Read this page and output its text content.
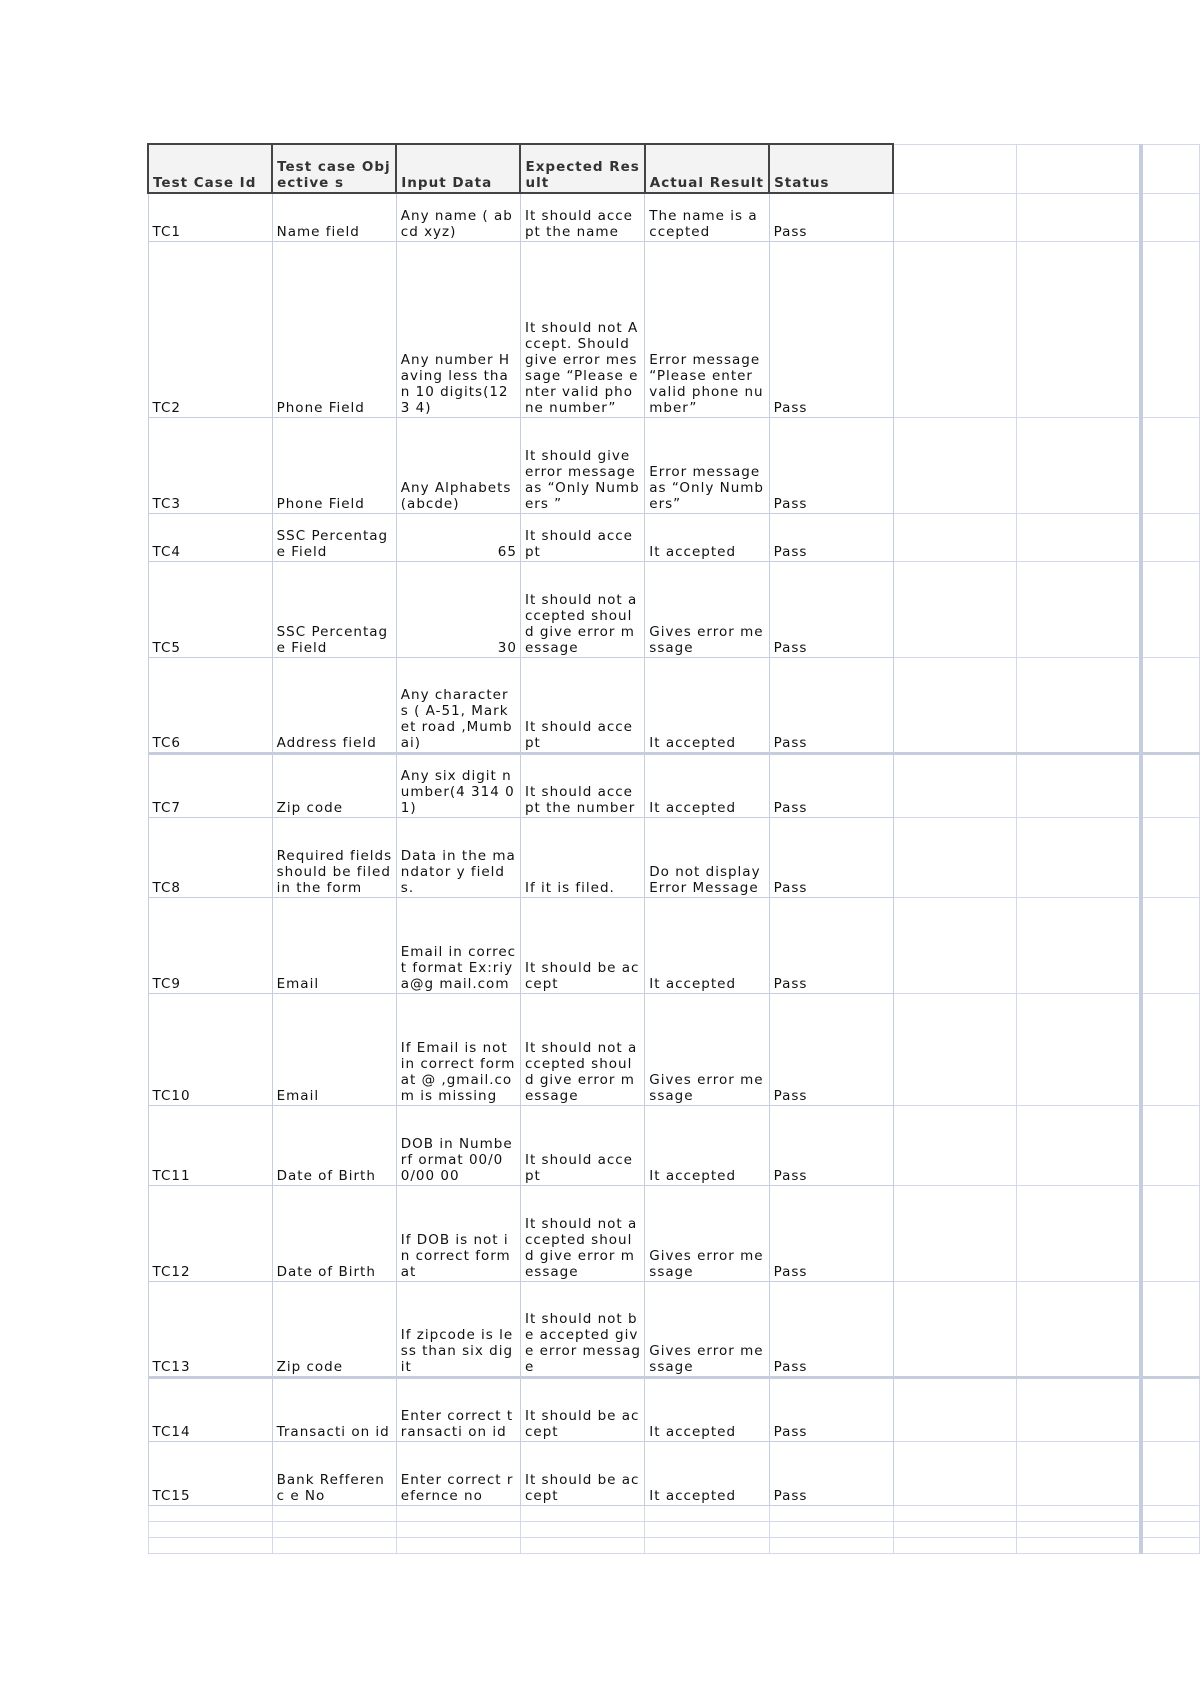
Test Case Id	Test case Objective s	Input Data	Expected Result	Actual Result	Status			
TC1	Name field	Any name ( abcd xyz)	It should accept the name	The name is accepted	Pass			
TC2	Phone Field	Any number Having less than 10 digits(123 4)	It should not Accept. Should give error message “Please enter valid phone number”	Error message “Please enter valid phone number”	Pass			
TC3	Phone Field	Any Alphabets (abcde)	It should give error message as “Only Numbers ”	Error message as “Only Numbers”	Pass			
TC4	SSC Percentag e Field	65	It should accept	It accepted	Pass			
TC5	SSC Percentag e Field	30	It should not accepted should give error message	Gives error message	Pass			
TC6	Address field	Any character s ( A-51, Market road ,Mumbai)	It should accept	It accepted	Pass			
TC7	Zip code	Any six digit number(4 314 01)	It should accept the number	It accepted	Pass			
TC8	Required fields should be filed in the form	Data in the mandator y fields.	If it is filed.	Do not display Error Message	Pass			
TC9	Email	Email in correct format Ex:riya@g mail.com	It should be accept	It accepted	Pass			
TC10	Email	If Email is not in correct format @ ,gmail.co m is missing	It should not accepted should give error message	Gives error message	Pass			
TC11	Date of Birth	DOB in Numberf ormat 00/00/00 00	It should accept	It accepted	Pass			
TC12	Date of Birth	If DOB is not in correct format	It should not accepted should give error message	Gives error message	Pass			
TC13	Zip code	If zipcode is less than six digit	It should not be accepted give error message	Gives error message	Pass			
TC14	Transacti on id	Enter correct transacti on id	It should be accept	It accepted	Pass			
TC15	Bank Refferenc e No	Enter correct refernce no	It should be accept	It accepted	Pass			
